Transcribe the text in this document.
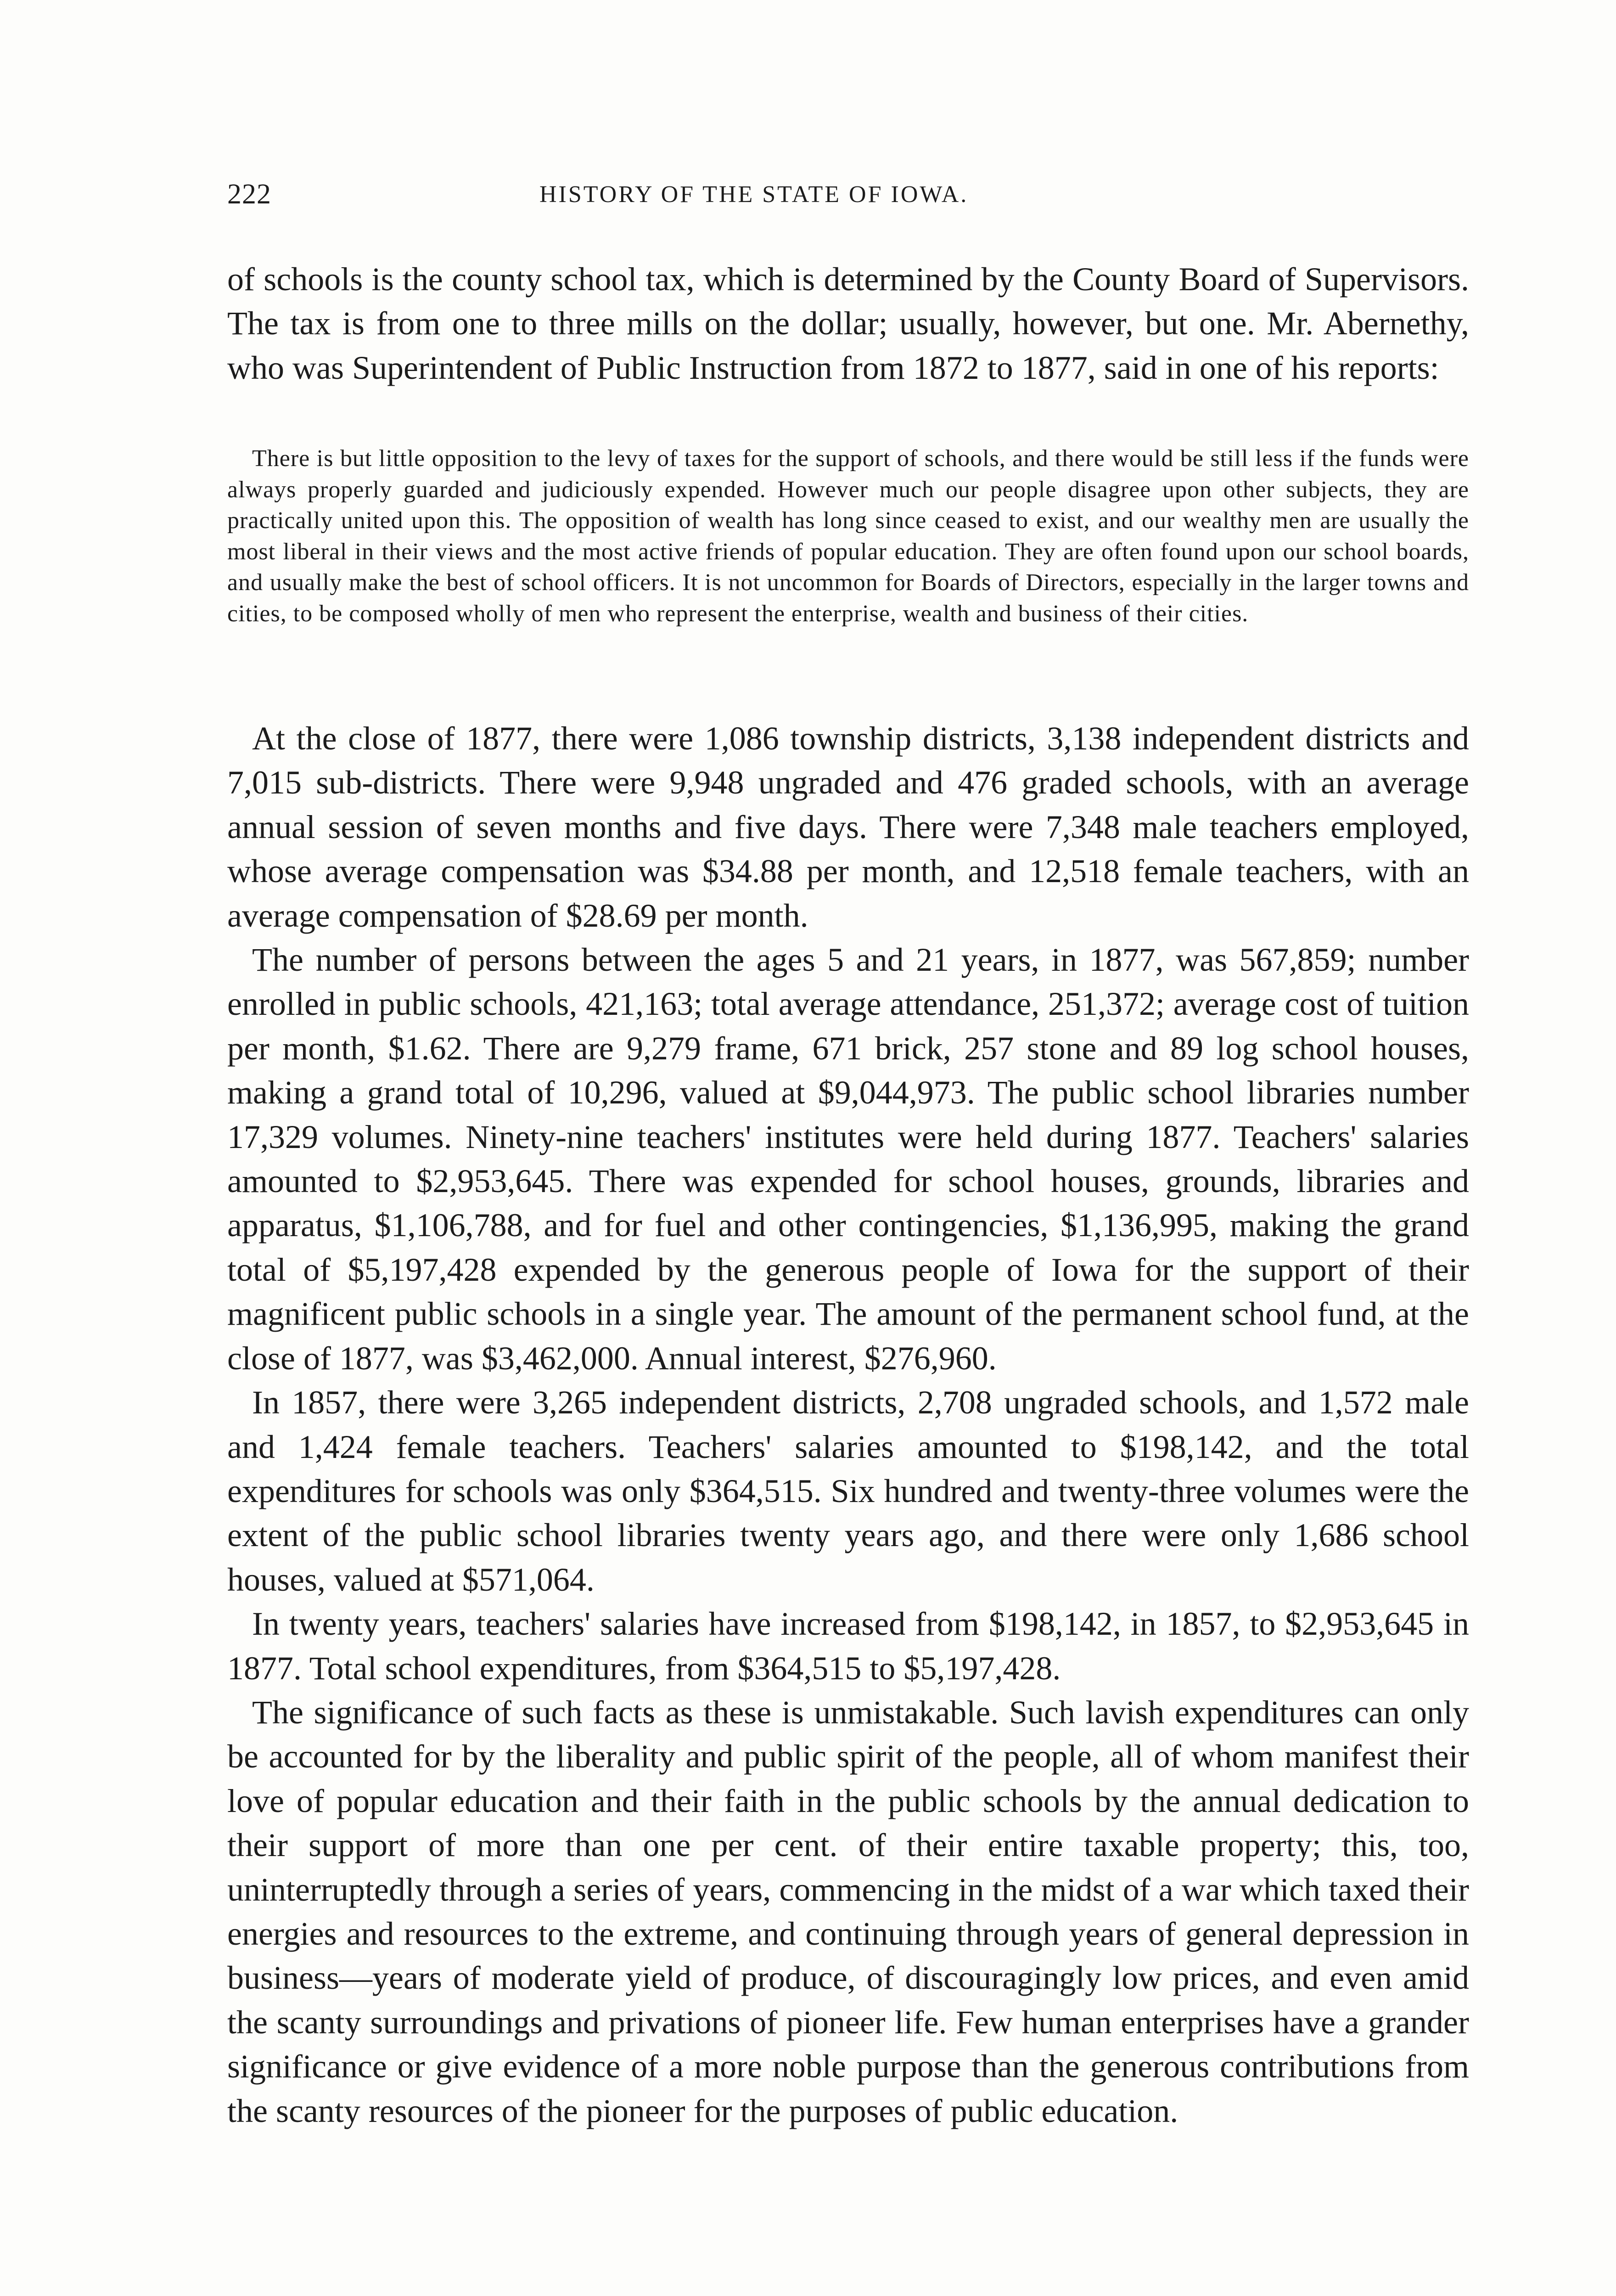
222	HISTORY OF THE STATE OF IOWA.

of schools is the county school tax, which is determined by the County Board of Supervisors. The tax is from one to three mills on the dollar; usually, however, but one. Mr. Abernethy, who was Superintendent of Public Instruction from 1872 to 1877, said in one of his reports:

There is but little opposition to the levy of taxes for the support of schools, and there would be still less if the funds were always properly guarded and judiciously expended. However much our people disagree upon other subjects, they are practically united upon this. The opposition of wealth has long since ceased to exist, and our wealthy men are usually the most liberal in their views and the most active friends of popular education. They are often found upon our school boards, and usually make the best of school officers. It is not uncommon for Boards of Directors, especially in the larger towns and cities, to be composed wholly of men who represent the enterprise, wealth and business of their cities.

At the close of 1877, there were 1,086 township districts, 3,138 independent districts and 7,015 sub-districts. There were 9,948 ungraded and 476 graded schools, with an average annual session of seven months and five days. There were 7,348 male teachers employed, whose average compensation was $34.88 per month, and 12,518 female teachers, with an average compensation of $28.69 per month.

The number of persons between the ages 5 and 21 years, in 1877, was 567,859; number enrolled in public schools, 421,163; total average attendance, 251,372; average cost of tuition per month, $1.62. There are 9,279 frame, 671 brick, 257 stone and 89 log school houses, making a grand total of 10,296, valued at $9,044,973. The public school libraries number 17,329 volumes. Ninety-nine teachers' institutes were held during 1877. Teachers' salaries amounted to $2,953,645. There was expended for school houses, grounds, libraries and apparatus, $1,106,788, and for fuel and other contingencies, $1,136,995, making the grand total of $5,197,428 expended by the generous people of Iowa for the support of their magnificent public schools in a single year. The amount of the permanent school fund, at the close of 1877, was $3,462,000. Annual interest, $276,960.

In 1857, there were 3,265 independent districts, 2,708 ungraded schools, and 1,572 male and 1,424 female teachers. Teachers' salaries amounted to $198,142, and the total expenditures for schools was only $364,515. Six hundred and twenty-three volumes were the extent of the public school libraries twenty years ago, and there were only 1,686 school houses, valued at $571,064.

In twenty years, teachers' salaries have increased from $198,142, in 1857, to $2,953,645 in 1877. Total school expenditures, from $364,515 to $5,197,428.

The significance of such facts as these is unmistakable. Such lavish expenditures can only be accounted for by the liberality and public spirit of the people, all of whom manifest their love of popular education and their faith in the public schools by the annual dedication to their support of more than one per cent. of their entire taxable property; this, too, uninterruptedly through a series of years, commencing in the midst of a war which taxed their energies and resources to the extreme, and continuing through years of general depression in business—years of moderate yield of produce, of discouragingly low prices, and even amid the scanty surroundings and privations of pioneer life. Few human enterprises have a grander significance or give evidence of a more noble purpose than the generous contributions from the scanty resources of the pioneer for the purposes of public education.
